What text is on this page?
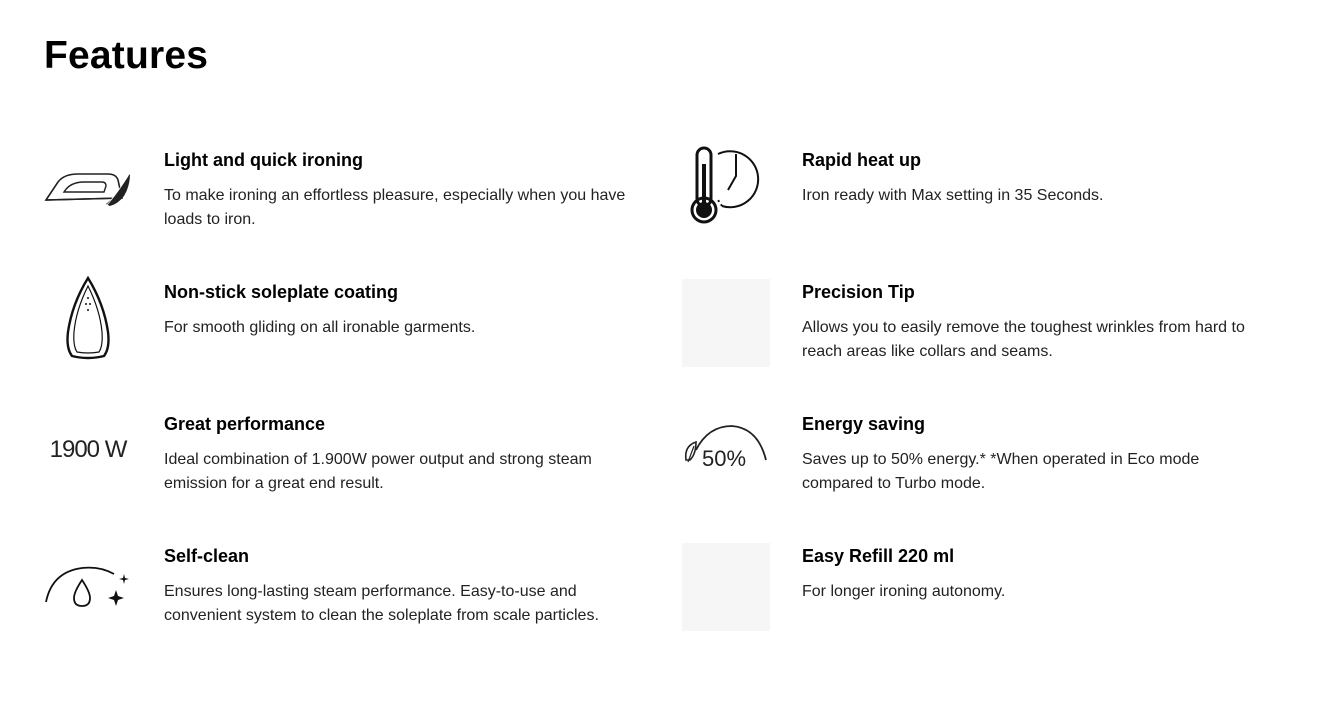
Features

Light and quick ironing

To make ironing an effortless pleasure, especially when you have loads to iron.

Rapid heat up

Iron ready with Max setting in 35 Seconds.

Non-stick soleplate coating

For smooth gliding on all ironable garments.

Precision Tip

Allows you to easily remove the toughest wrinkles from hard to reach areas like collars and seams.

1900 W

Great performance

Ideal combination of 1.900W power output and strong steam emission for a great end result.

50%

Energy saving

Saves up to 50% energy.* *When operated in Eco mode compared to Turbo mode.

Self-clean

Ensures long-lasting steam performance. Easy-to-use and convenient system to clean the soleplate from scale particles.

Easy Refill 220 ml

For longer ironing autonomy.
